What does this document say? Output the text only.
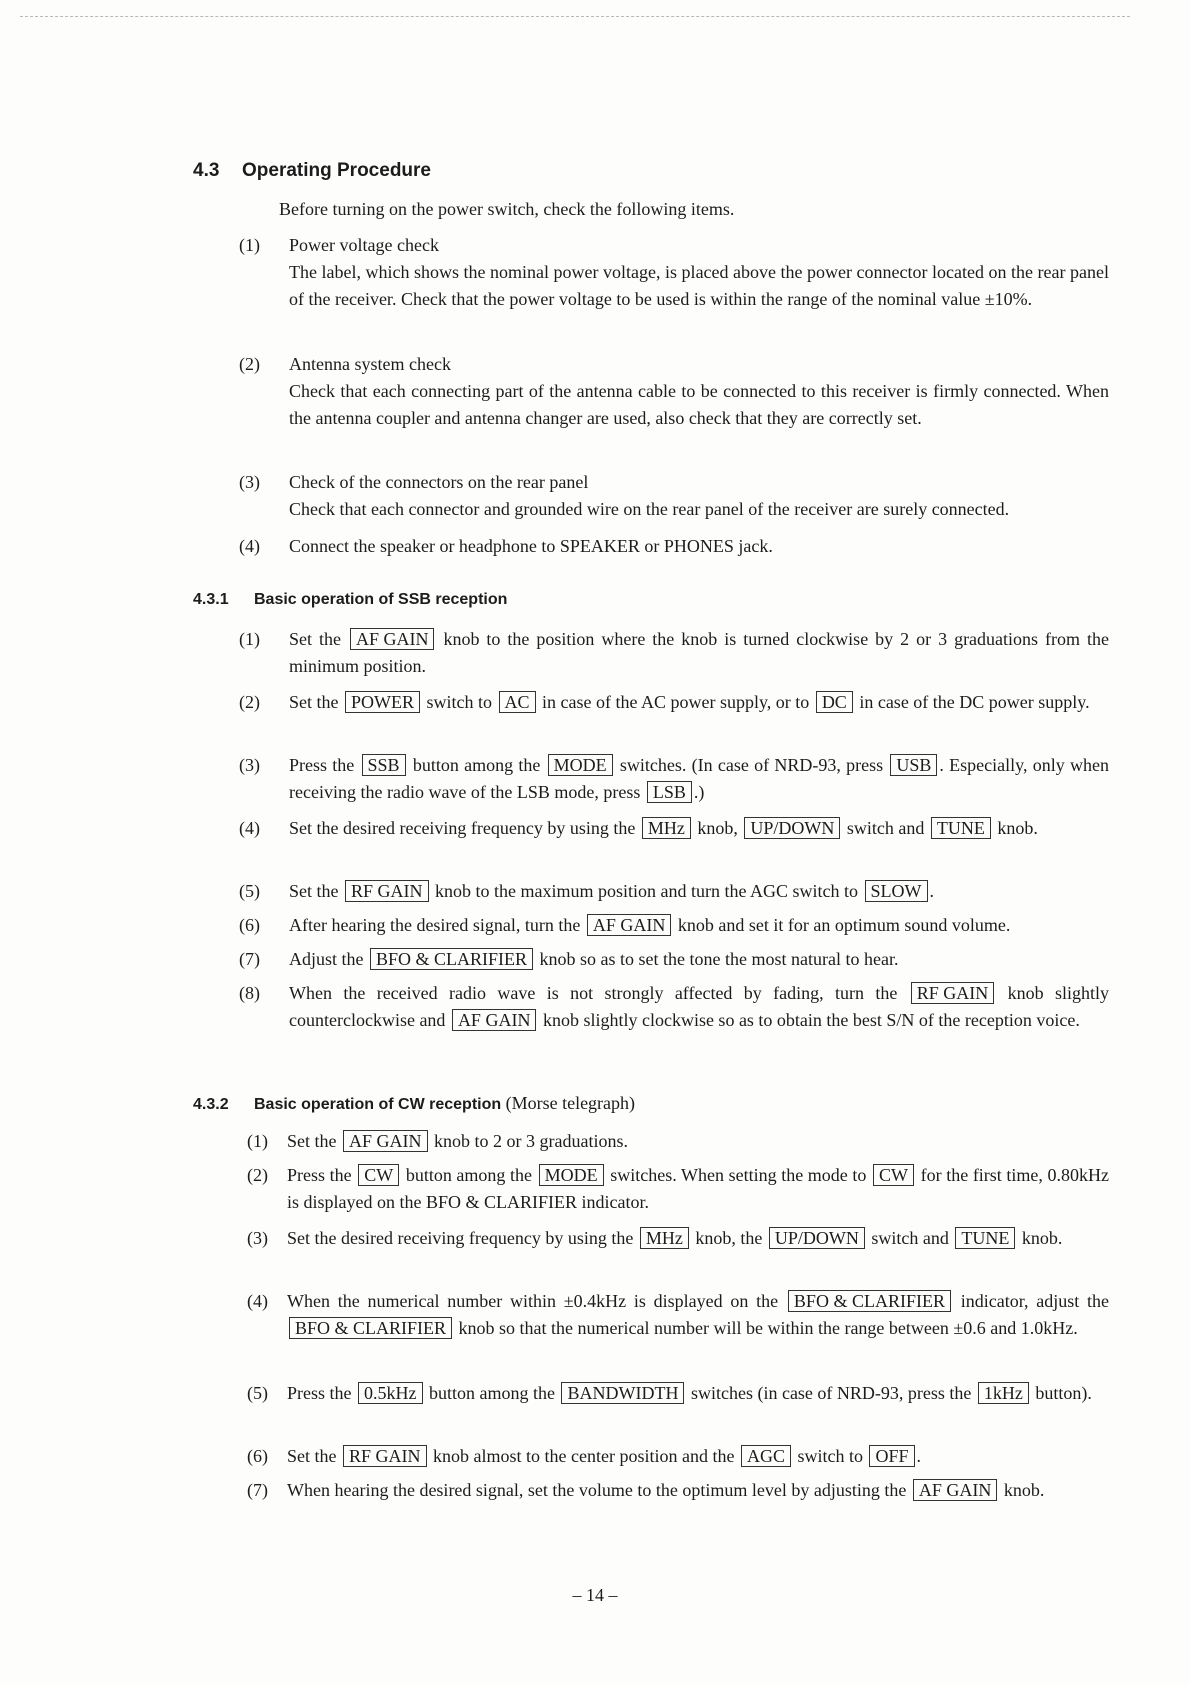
4.3 Operating Procedure
Before turning on the power switch, check the following items.
(1) Power voltage check
The label, which shows the nominal power voltage, is placed above the power connector located on the rear panel of the receiver. Check that the power voltage to be used is within the range of the nominal value ±10%.
(2) Antenna system check
Check that each connecting part of the antenna cable to be connected to this receiver is firmly connected. When the antenna coupler and antenna changer are used, also check that they are correctly set.
(3) Check of the connectors on the rear panel
Check that each connector and grounded wire on the rear panel of the receiver are surely connected.
(4) Connect the speaker or headphone to SPEAKER or PHONES jack.
4.3.1 Basic operation of SSB reception
(1) Set the AF GAIN knob to the position where the knob is turned clockwise by 2 or 3 graduations from the minimum position.
(2) Set the POWER switch to AC in case of the AC power supply, or to DC in case of the DC power supply.
(3) Press the SSB button among the MODE switches. (In case of NRD-93, press USB . Especially, only when receiving the radio wave of the LSB mode, press LSB .)
(4) Set the desired receiving frequency by using the MHz knob, UP/DOWN switch and TUNE knob.
(5) Set the RF GAIN knob to the maximum position and turn the AGC switch to SLOW .
(6) After hearing the desired signal, turn the AF GAIN knob and set it for an optimum sound volume.
(7) Adjust the BFO & CLARIFIER knob so as to set the tone the most natural to hear.
(8) When the received radio wave is not strongly affected by fading, turn the RF GAIN knob slightly counterclockwise and AF GAIN knob slightly clockwise so as to obtain the best S/N of the reception voice.
4.3.2 Basic operation of CW reception (Morse telegraph)
(1) Set the AF GAIN knob to 2 or 3 graduations.
(2) Press the CW button among the MODE switches. When setting the mode to CW for the first time, 0.80kHz is displayed on the BFO & CLARIFIER indicator.
(3) Set the desired receiving frequency by using the MHz knob, the UP/DOWN switch and TUNE knob.
(4) When the numerical number within ±0.4kHz is displayed on the BFO & CLARIFIER indicator, adjust the BFO & CLARIFIER knob so that the numerical number will be within the range between ±0.6 and 1.0kHz.
(5) Press the 0.5kHz button among the BANDWIDTH switches (in case of NRD-93, press the 1kHz button).
(6) Set the RF GAIN knob almost to the center position and the AGC switch to OFF .
(7) When hearing the desired signal, set the volume to the optimum level by adjusting the AF GAIN knob.
– 14 –
